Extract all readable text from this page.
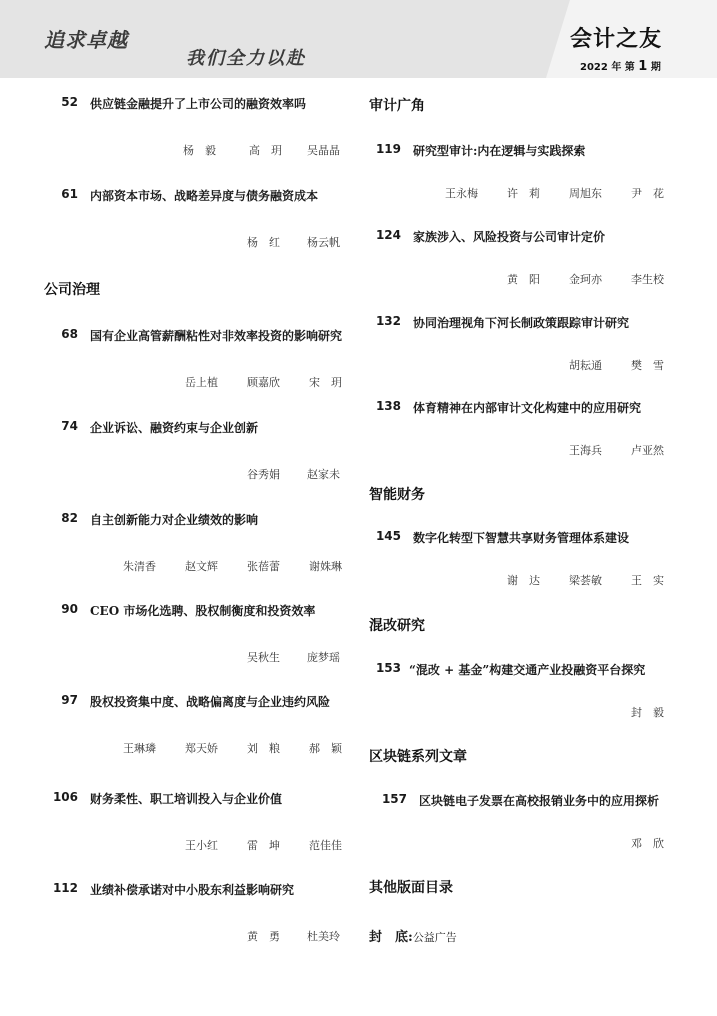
追求卓越
我们全力以赴
会计之友
2022 年 第 1 期
52 供应链金融提升了上市公司的融资效率吗
杨　毅	高　玥 吴晶晶
61 内部资本市场、战略差异度与债务融资成本
杨　红 杨云帆
公司治理
68 国有企业高管薪酬粘性对非效率投资的影响研究
岳上植	顾嘉欣	宋　玥
74 企业诉讼、融资约束与企业创新
谷秀娟 赵家未
82 自主创新能力对企业绩效的影响
朱清香	赵文辉	张蓓蕾	谢姝琳
90 CEO 市场化选聘、股权制衡度和投资效率
吴秋生 庞梦瑶
97 股权投资集中度、战略偏离度与企业违约风险
王琳璘	郑天娇	刘　粮	郝　颖
106 财务柔性、职工培训投入与企业价值
王小红	雷　坤	范佳佳
112 业绩补偿承诺对中小股东利益影响研究
黄　勇 杜美玲
审计广角
119 研究型审计:内在逻辑与实践探索
王永梅	许　莉	周旭东	尹　花
124 家族涉入、风险投资与公司审计定价
黄　阳	金珂亦	李生校
132 协同治理视角下河长制政策跟踪审计研究
胡耘通	樊　雪
138 体育精神在内部审计文化构建中的应用研究
王海兵	卢亚然
智能财务
145 数字化转型下智慧共享财务管理体系建设
谢　达	梁荟敏	王　实
混改研究
153 “混改 + 基金”构建交通产业投融资平台探究
封　毅
区块链系列文章
157 区块链电子发票在高校报销业务中的应用探析
邓　欣
其他版面目录
封　底:公益广告
